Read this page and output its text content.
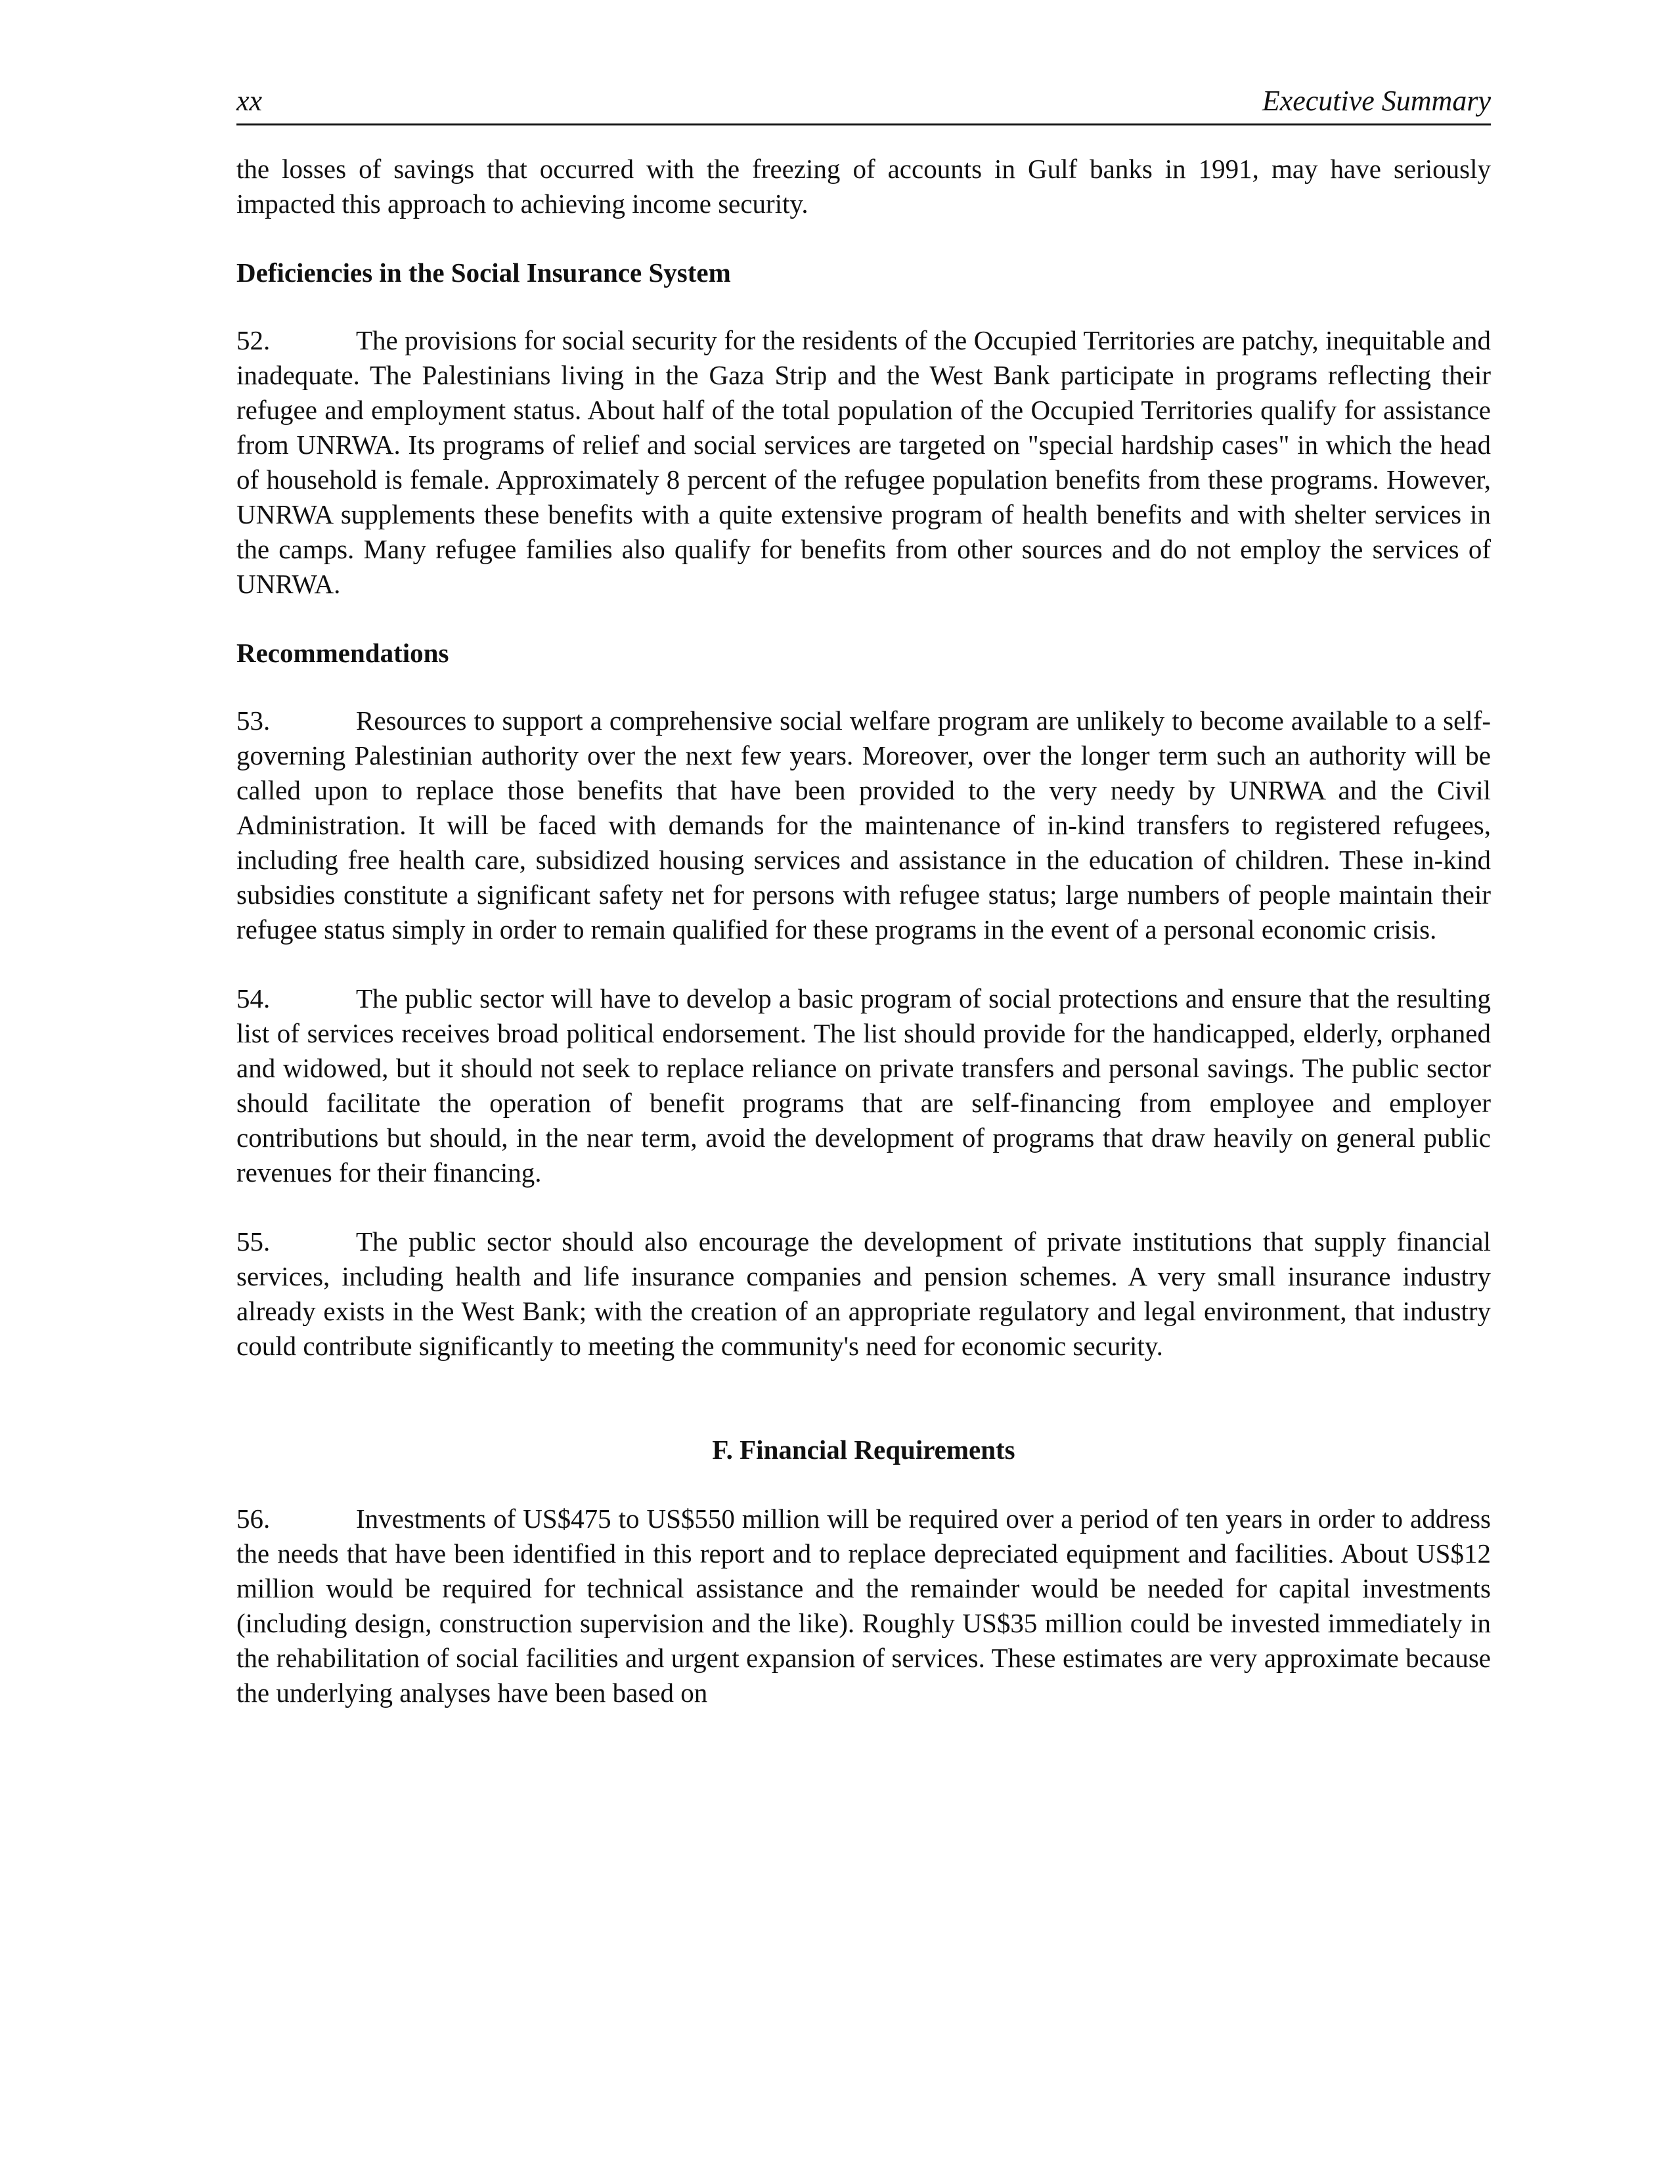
xx	Executive Summary

the losses of savings that occurred with the freezing of accounts in Gulf banks in 1991, may have seriously impacted this approach to achieving income security.

Deficiencies in the Social Insurance System

52.	The provisions for social security for the residents of the Occupied Territories are patchy, inequitable and inadequate. The Palestinians living in the Gaza Strip and the West Bank participate in programs reflecting their refugee and employment status. About half of the total population of the Occupied Territories qualify for assistance from UNRWA. Its programs of relief and social services are targeted on "special hardship cases" in which the head of household is female. Approximately 8 percent of the refugee population benefits from these programs. However, UNRWA supplements these benefits with a quite extensive program of health benefits and with shelter services in the camps. Many refugee families also qualify for benefits from other sources and do not employ the services of UNRWA.

Recommendations

53.	Resources to support a comprehensive social welfare program are unlikely to become available to a self-governing Palestinian authority over the next few years. Moreover, over the longer term such an authority will be called upon to replace those benefits that have been provided to the very needy by UNRWA and the Civil Administration. It will be faced with demands for the maintenance of in-kind transfers to registered refugees, including free health care, subsidized housing services and assistance in the education of children. These in-kind subsidies constitute a significant safety net for persons with refugee status; large numbers of people maintain their refugee status simply in order to remain qualified for these programs in the event of a personal economic crisis.

54.	The public sector will have to develop a basic program of social protections and ensure that the resulting list of services receives broad political endorsement. The list should provide for the handicapped, elderly, orphaned and widowed, but it should not seek to replace reliance on private transfers and personal savings. The public sector should facilitate the operation of benefit programs that are self-financing from employee and employer contributions but should, in the near term, avoid the development of programs that draw heavily on general public revenues for their financing.

55.	The public sector should also encourage the development of private institutions that supply financial services, including health and life insurance companies and pension schemes. A very small insurance industry already exists in the West Bank; with the creation of an appropriate regulatory and legal environment, that industry could contribute significantly to meeting the community's need for economic security.

F. Financial Requirements

56.	Investments of US$475 to US$550 million will be required over a period of ten years in order to address the needs that have been identified in this report and to replace depreciated equipment and facilities. About US$12 million would be required for technical assistance and the remainder would be needed for capital investments (including design, construction supervision and the like). Roughly US$35 million could be invested immediately in the rehabilitation of social facilities and urgent expansion of services. These estimates are very approximate because the underlying analyses have been based on
